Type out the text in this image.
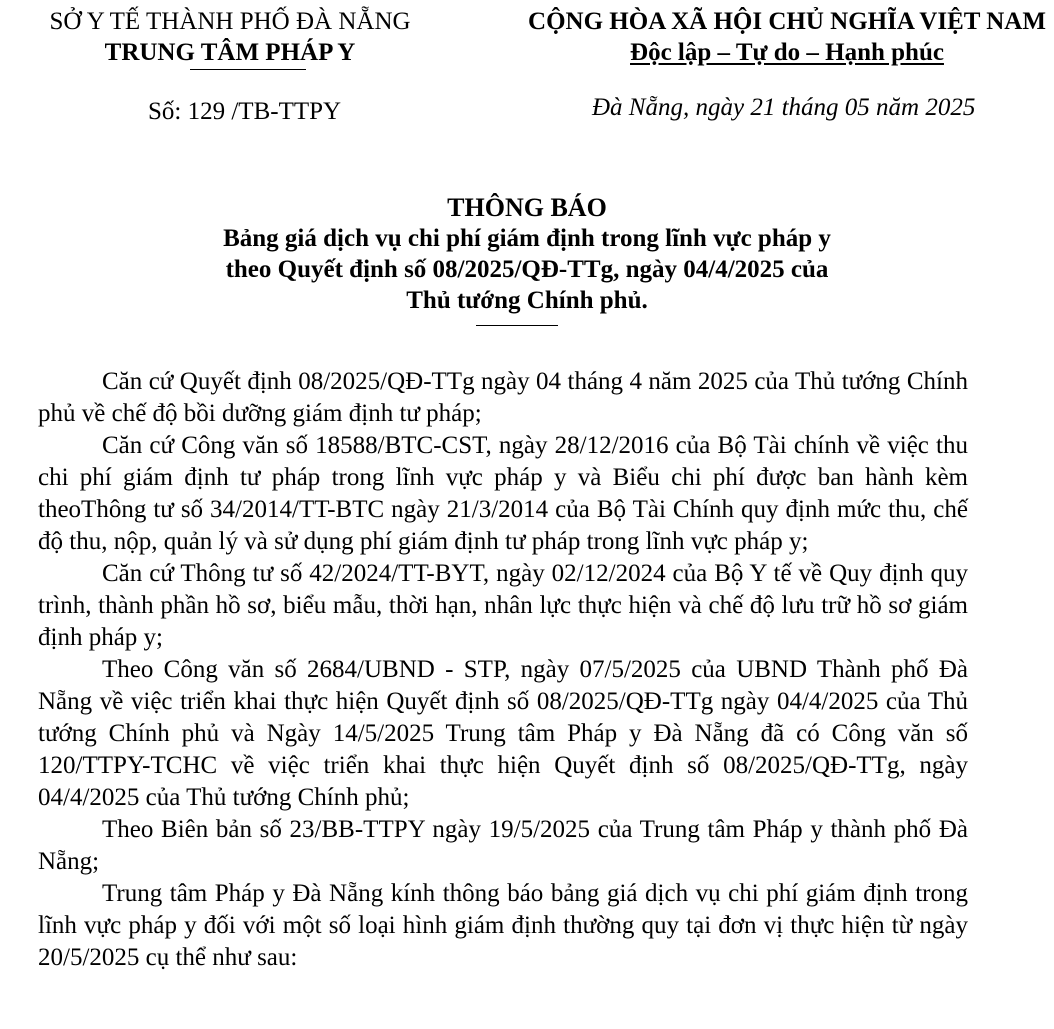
SỞ Y TẾ THÀNH PHỐ ĐÀ NẴNG
TRUNG TÂM PHÁP Y
CỘNG HÒA XÃ HỘI CHỦ NGHĨA VIỆT NAM
Độc lập – Tự do – Hạnh phúc
Số: 129 /TB-TTPY	Đà Nẵng, ngày 21 tháng 05 năm 2025
THÔNG BÁO
Bảng giá dịch vụ chi phí giám định trong lĩnh vực pháp y
theo Quyết định số 08/2025/QĐ-TTg, ngày 04/4/2025 của
Thủ tướng Chính phủ.

Căn cứ Quyết định 08/2025/QĐ-TTg ngày 04 tháng 4 năm 2025 của Thủ tướng Chính phủ về chế độ bồi dưỡng giám định tư pháp;

Căn cứ Công văn số 18588/BTC-CST, ngày 28/12/2016 của Bộ Tài chính về việc thu chi phí giám định tư pháp trong lĩnh vực pháp y và Biểu chi phí được ban hành kèm theoThông tư số 34/2014/TT-BTC ngày 21/3/2014 của Bộ Tài Chính quy định mức thu, chế độ thu, nộp, quản lý và sử dụng phí giám định tư pháp trong lĩnh vực pháp y;

Căn cứ Thông tư số 42/2024/TT-BYT, ngày 02/12/2024 của Bộ Y tế về Quy định quy trình, thành phần hồ sơ, biểu mẫu, thời hạn, nhân lực thực hiện và chế độ lưu trữ hồ sơ giám định pháp y;

Theo Công văn số 2684/UBND - STP, ngày 07/5/2025 của UBND Thành phố Đà Nẵng về việc triển khai thực hiện Quyết định số 08/2025/QĐ-TTg ngày 04/4/2025 của Thủ tướng Chính phủ và Ngày 14/5/2025 Trung tâm Pháp y Đà Nẵng đã có Công văn số 120/TTPY-TCHC về việc triển khai thực hiện Quyết định số 08/2025/QĐ-TTg, ngày 04/4/2025 của Thủ tướng Chính phủ;

Theo Biên bản số 23/BB-TTPY ngày 19/5/2025 của Trung tâm Pháp y thành phố Đà Nẵng;

Trung tâm Pháp y Đà Nẵng kính thông báo bảng giá dịch vụ chi phí giám định trong lĩnh vực pháp y đối với một số loại hình giám định thường quy tại đơn vị thực hiện từ ngày 20/5/2025 cụ thể như sau:
